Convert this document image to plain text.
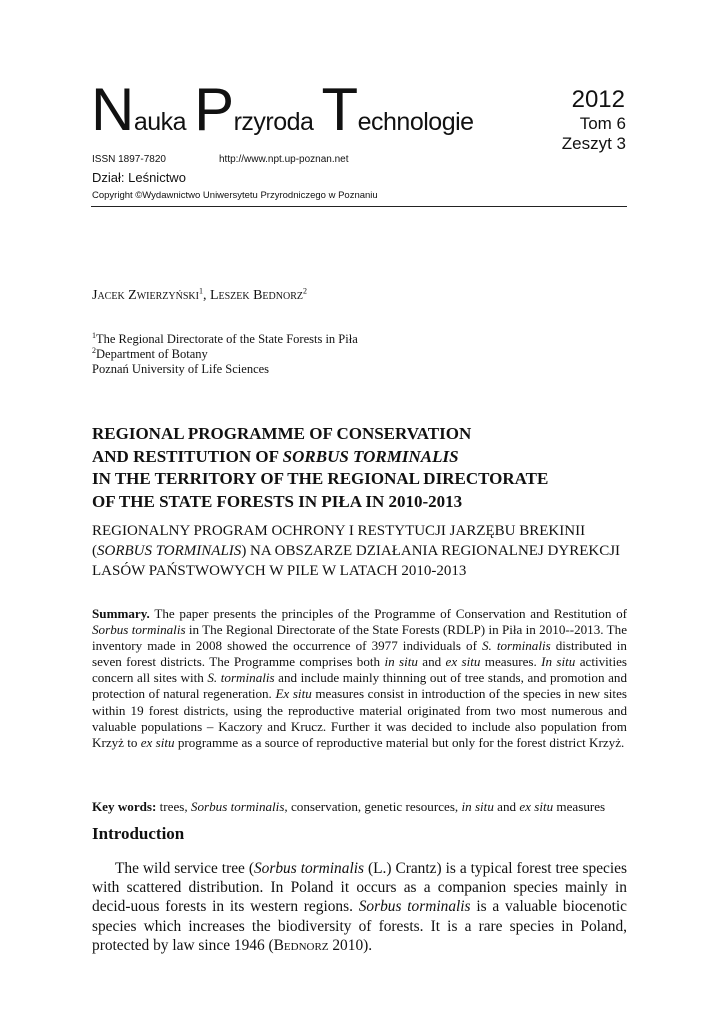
Nauka Przyroda Technologie
2012
Tom 6
Zeszyt 3
ISSN 1897-7820	http://www.npt.up-poznan.net
Dział: Leśnictwo
Copyright ©Wydawnictwo Uniwersytetu Przyrodniczego w Poznaniu
Jacek Zwierzyński$^1$, Leszek Bednorz$^2$
$^1$The Regional Directorate of the State Forests in Piła
$^2$Department of Botany
Poznań University of Life Sciences
REGIONAL PROGRAMME OF CONSERVATION
AND RESTITUTION OF SORBUS TORMINALIS
IN THE TERRITORY OF THE REGIONAL DIRECTORATE
OF THE STATE FORESTS IN PIŁA IN 2010-2013
REGIONALNY PROGRAM OCHRONY I RESTYTUCJI JARZĘBU BREKINII
(SORBUS TORMINALIS) NA OBSZARZE DZIAŁANIA REGIONALNEJ DYREKCJI
LASÓW PAŃSTWOWYCH W PILE W LATACH 2010-2013
Summary. The paper presents the principles of the Programme of Conservation and Restitution of Sorbus torminalis in The Regional Directorate of the State Forests (RDLP) in Piła in 2010-​-2013. The inventory made in 2008 showed the occurrence of 3977 individuals of S. torminalis distributed in seven forest districts. The Programme comprises both in situ and ex situ measures. In situ activities concern all sites with S. torminalis and include mainly thinning out of tree stands, and promotion and protection of natural regeneration. Ex situ measures consist in introduction of the species in new sites within 19 forest districts, using the reproductive material originated from two most numerous and valuable populations – Kaczory and Krucz. Further it was decided to include also population from Krzyż to ex situ programme as a source of reproductive material but only for the forest district Krzyż.
Key words: trees, Sorbus torminalis, conservation, genetic resources, in situ and ex situ measures
Introduction
The wild service tree (Sorbus torminalis (L.) Crantz) is a typical forest tree species with scattered distribution. In Poland it occurs as a companion species mainly in decid-​uous forests in its western regions. Sorbus torminalis is a valuable biocenotic species which increases the biodiversity of forests. It is a rare species in Poland, protected by law since 1946 (Bednorz 2010).
